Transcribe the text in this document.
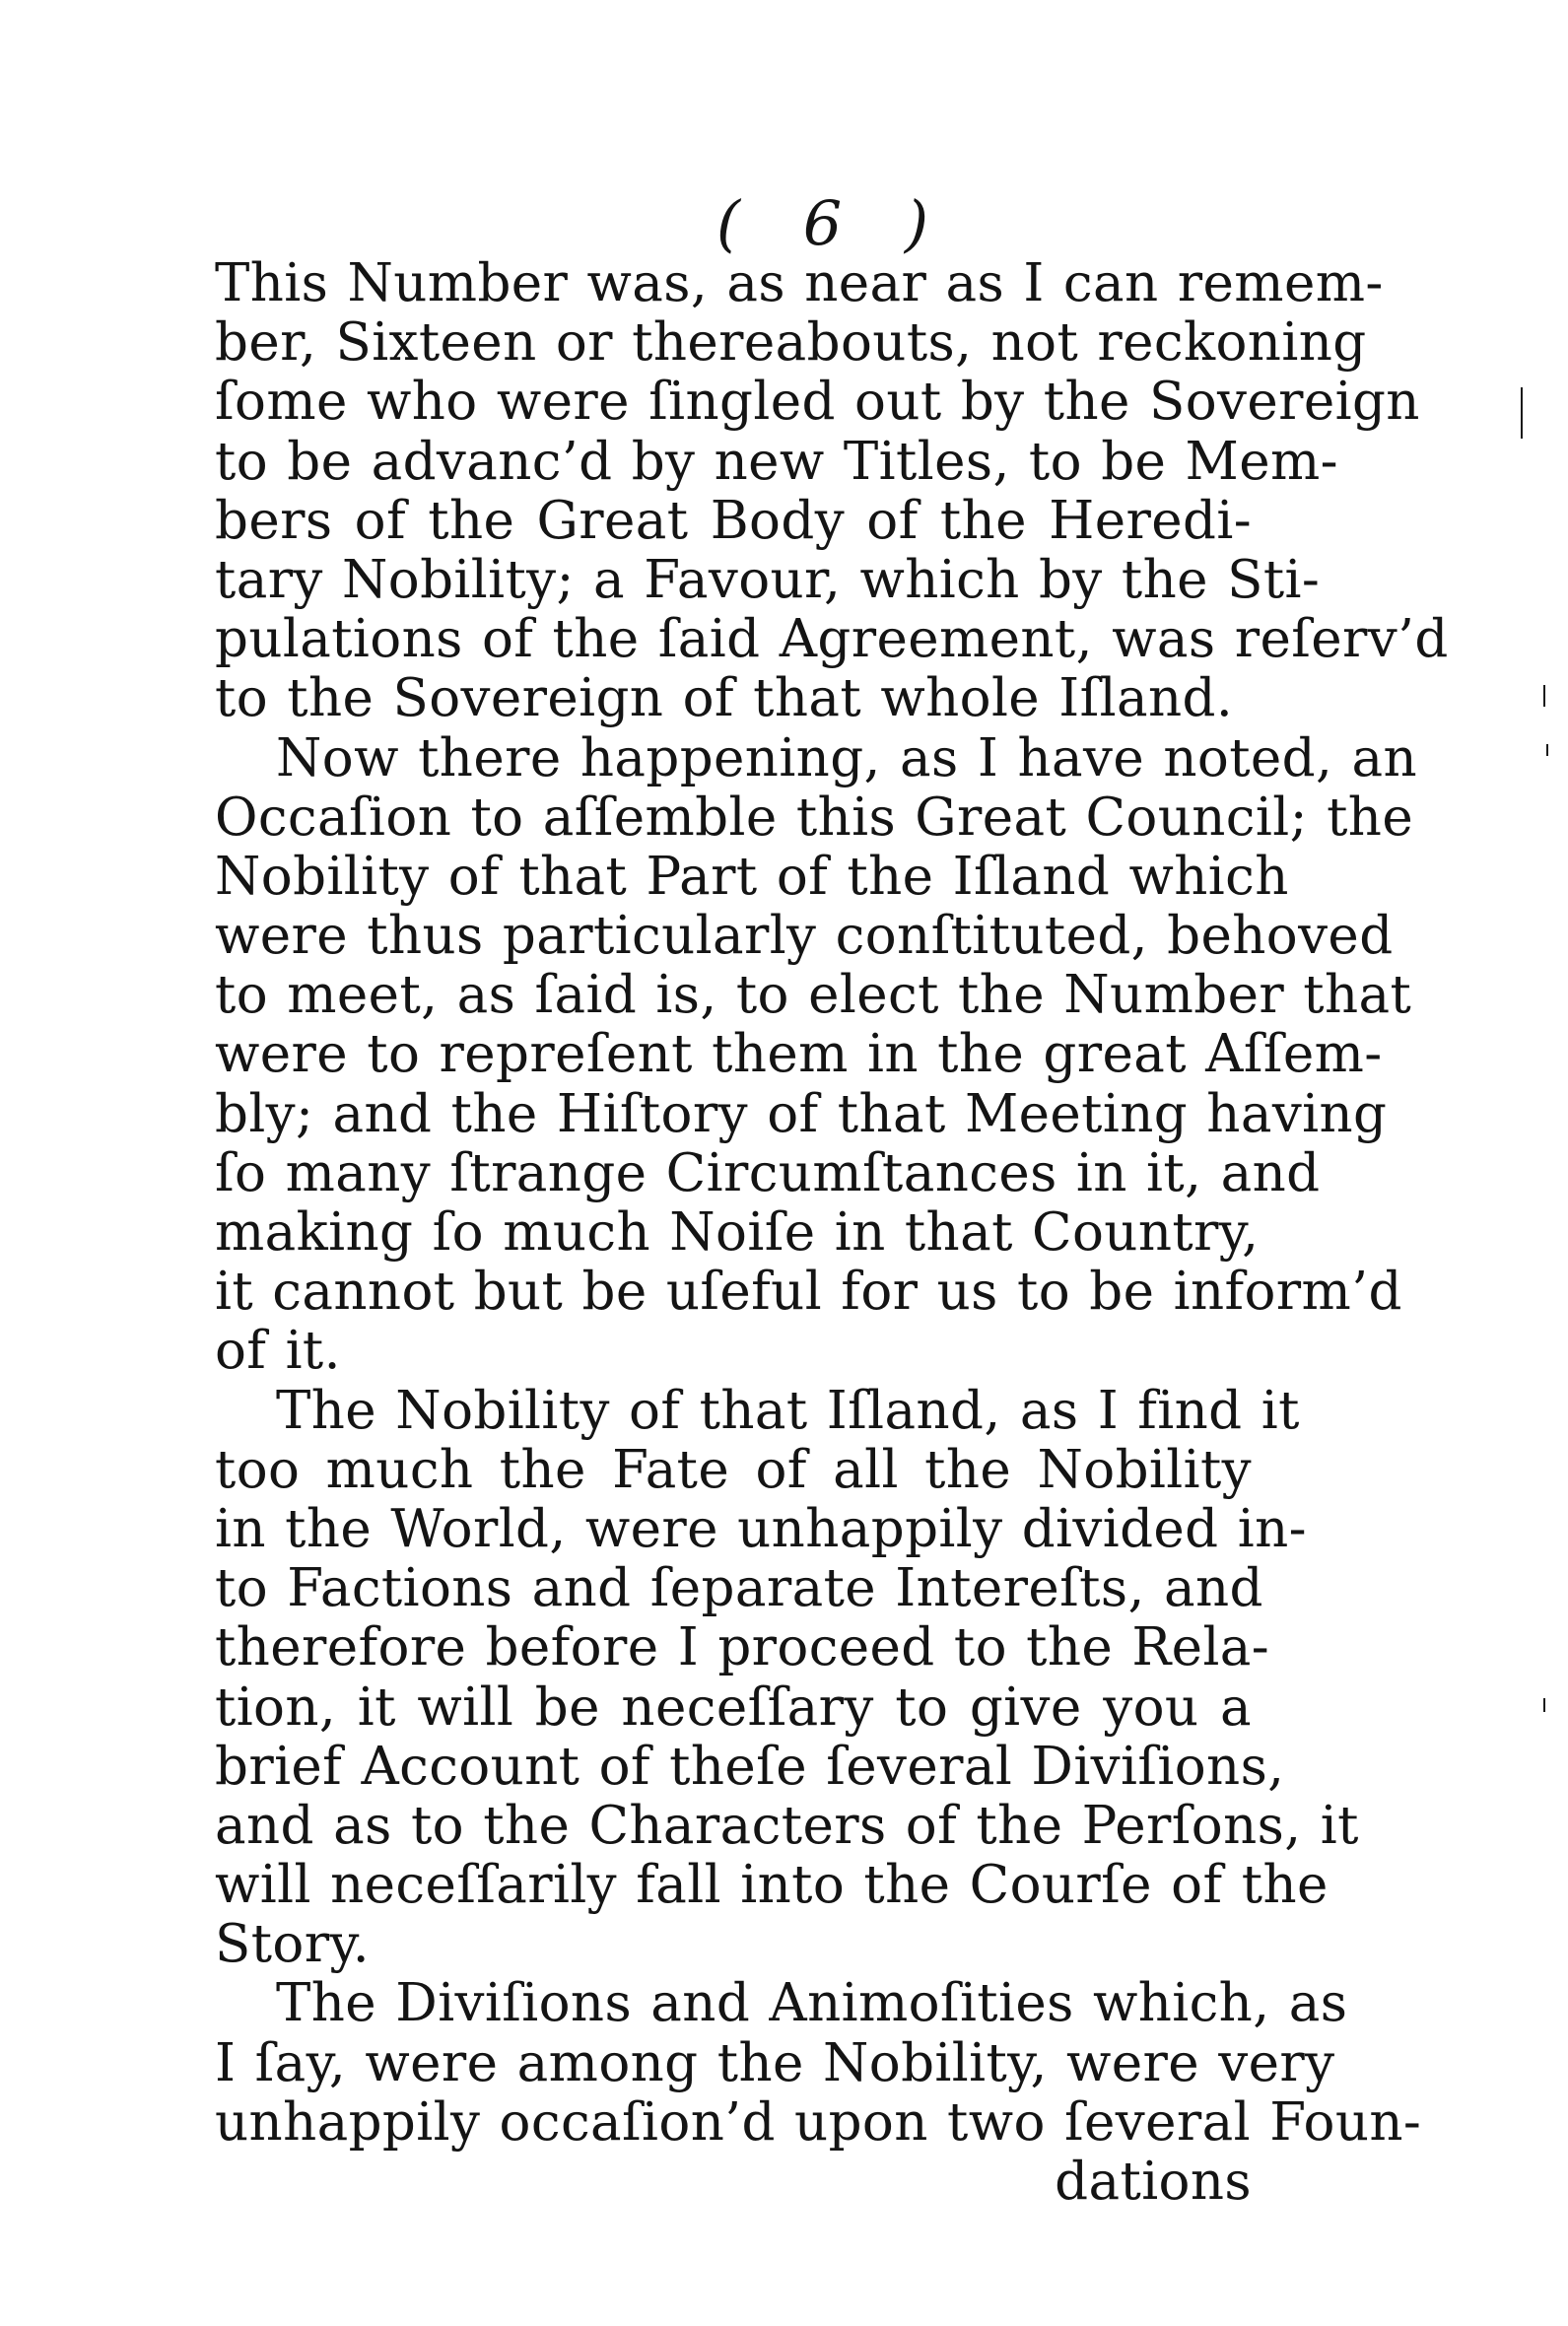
( 6 )
This Number was, as near as I can remem-
ber, Sixteen or thereabouts, not reckoning
ſome who were ſingled out by the Sovereign
to be advanc’d by new Titles, to be Mem-
bers of the Great Body of the Heredi-
tary Nobility; a Favour, which by the Sti-
pulations of the ſaid Agreement, was reſerv’d
to the Sovereign of that whole Iſland.
Now there happening, as I have noted, an
Occaſion to aſſemble this Great Council; the
Nobility of that Part of the Iſland which
were thus particularly conſtituted, behoved
to meet, as ſaid is, to elect the Number that
were to repreſent them in the great Aſſem-
bly; and the Hiſtory of that Meeting having
ſo many ſtrange Circumſtances in it, and
making ſo much Noiſe in that Country,
it cannot but be uſeful for us to be inform’d
of it.
The Nobility of that Iſland, as I find it
too much the Fate of all the Nobility
in the World, were unhappily divided in-
to Factions and ſeparate Intereſts, and
therefore before I proceed to the Rela-
tion, it will be neceſſary to give you a
brief Account of theſe ſeveral Diviſions,
and as to the Characters of the Perſons, it
will neceſſarily fall into the Courſe of the
Story.
The Diviſions and Animoſities which, as
I ſay, were among the Nobility, were very
unhappily occaſion’d upon two ſeveral Foun-
dations
